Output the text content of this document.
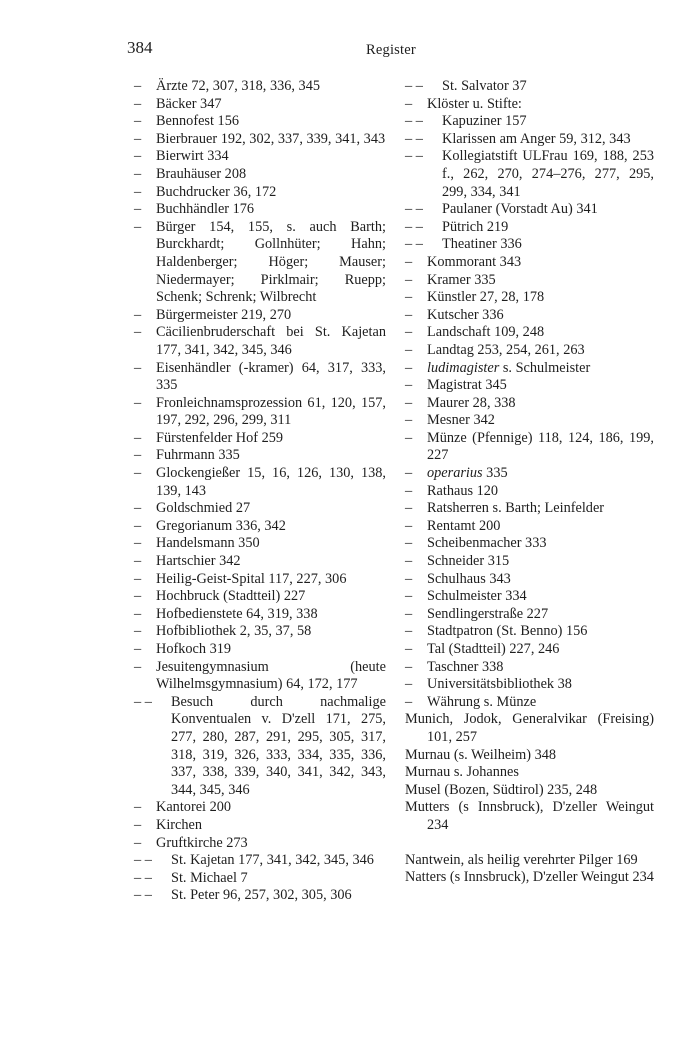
384	Register
– Ärzte 72, 307, 318, 336, 345
– Bäcker 347
– Bennofest 156
– Bierbrauer 192, 302, 337, 339, 341, 343
– Bierwirt 334
– Brauhäuser 208
– Buchdrucker 36, 172
– Buchhändler 176
– Bürger 154, 155, s. auch Barth; Burckhardt; Gollnhüter; Hahn; Haldenberger; Höger; Mauser; Niedermayer; Pirklmair; Ruepp; Schenk; Schrenk; Wilbrecht
– Bürgermeister 219, 270
– Cäcilienbruderschaft bei St. Kajetan 177, 341, 342, 345, 346
– Eisenhändler (-kramer) 64, 317, 333, 335
– Fronleichnamsprozession 61, 120, 157, 197, 292, 296, 299, 311
– Fürstenfelder Hof 259
– Fuhrmann 335
– Glockengießer 15, 16, 126, 130, 138, 139, 143
– Goldschmied 27
– Gregorianum 336, 342
– Handelsmann 350
– Hartschier 342
– Heilig-Geist-Spital 117, 227, 306
– Hochbruck (Stadtteil) 227
– Hofbedienstete 64, 319, 338
– Hofbibliothek 2, 35, 37, 58
– Hofkoch 319
– Jesuitengymnasium (heute Wilhelmsgymnasium) 64, 172, 177
– – Besuch durch nachmalige Konventualen v. D'zell 171, 275, 277, 280, 287, 291, 295, 305, 317, 318, 319, 326, 333, 334, 335, 336, 337, 338, 339, 340, 341, 342, 343, 344, 345, 346
– Kantorei 200
– Kirchen
– Gruftkirche 273
– – St. Kajetan 177, 341, 342, 345, 346
– – St. Michael 7
– – St. Peter 96, 257, 302, 305, 306
– – St. Salvator 37
– Klöster u. Stifte:
– – Kapuziner 157
– – Klarissen am Anger 59, 312, 343
– – Kollegiatstift ULFrau 169, 188, 253 f., 262, 270, 274–276, 277, 295, 299, 334, 341
– – Paulaner (Vorstadt Au) 341
– – Pütrich 219
– – Theatiner 336
– Kommorant 343
– Kramer 335
– Künstler 27, 28, 178
– Kutscher 336
– Landschaft 109, 248
– Landtag 253, 254, 261, 263
– ludimagister s. Schulmeister
– Magistrat 345
– Maurer 28, 338
– Mesner 342
– Münze (Pfennige) 118, 124, 186, 199, 227
– operarius 335
– Rathaus 120
– Ratsherren s. Barth; Leinfelder
– Rentamt 200
– Scheibenmacher 333
– Schneider 315
– Schulhaus 343
– Schulmeister 334
– Sendlingerstraße 227
– Stadtpatron (St. Benno) 156
– Tal (Stadtteil) 227, 246
– Taschner 338
– Universitätsbibliothek 38
– Währung s. Münze
Munich, Jodok, Generalvikar (Freising) 101, 257
Murnau (s. Weilheim) 348
Murnau s. Johannes
Musel (Bozen, Südtirol) 235, 248
Mutters (s Innsbruck), D'zeller Weingut 234
Nantwein, als heilig verehrter Pilger 169
Natters (s Innsbruck), D'zeller Weingut 234
